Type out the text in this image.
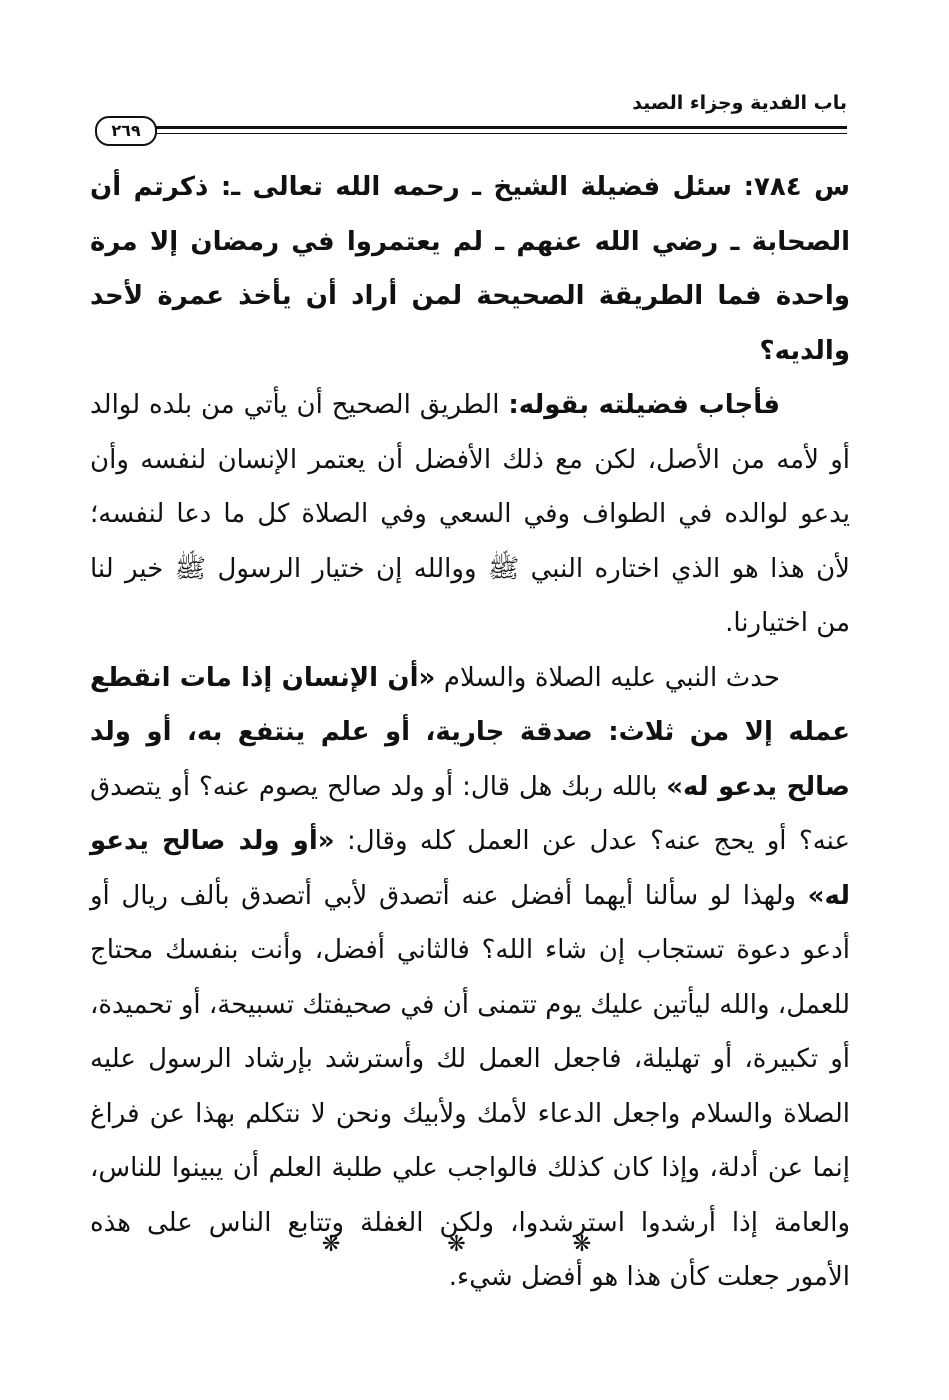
باب الفدية وجزاء الصيد
٢٦٩

س ٧٨٤: سئل فضيلة الشيخ ـ رحمه الله تعالى ـ: ذكرتم أن الصحابة ـ رضي الله عنهم ـ لم يعتمروا في رمضان إلا مرة واحدة فما الطريقة الصحيحة لمن أراد أن يأخذ عمرة لأحد والديه؟

فأجاب فضيلته بقوله: الطريق الصحيح أن يأتي من بلده لوالد أو لأمه من الأصل، لكن مع ذلك الأفضل أن يعتمر الإنسان لنفسه وأن يدعو لوالده في الطواف وفي السعي وفي الصلاة كل ما دعا لنفسه؛ لأن هذا هو الذي اختاره النبي ﷺ ووالله إن ختيار الرسول ﷺ خير لنا من اختيارنا.

حدث النبي عليه الصلاة والسلام «أن الإنسان إذا مات انقطع عمله إلا من ثلاث: صدقة جارية، أو علم ينتفع به، أو ولد صالح يدعو له» بالله ربك هل قال: أو ولد صالح يصوم عنه؟ أو يتصدق عنه؟ أو يحج عنه؟ عدل عن العمل كله وقال: «أو ولد صالح يدعو له» ولهذا لو سألنا أيهما أفضل عنه أتصدق لأبي أتصدق بألف ريال أو أدعو دعوة تستجاب إن شاء الله؟ فالثاني أفضل، وأنت بنفسك محتاج للعمل، والله ليأتين عليك يوم تتمنى أن في صحيفتك تسبيحة، أو تحميدة، أو تكبيرة، أو تهليلة، فاجعل العمل لك وأسترشد بإرشاد الرسول عليه الصلاة والسلام واجعل الدعاء لأمك ولأبيك ونحن لا نتكلم بهذا عن فراغ إنما عن أدلة، وإذا كان كذلك فالواجب علي طلبة العلم أن يبينوا للناس، والعامة إذا أرشدوا استرشدوا، ولكن الغفلة وتتابع الناس على هذه الأمور جعلت كأن هذا هو أفضل شيء.

❋ ❋ ❋
